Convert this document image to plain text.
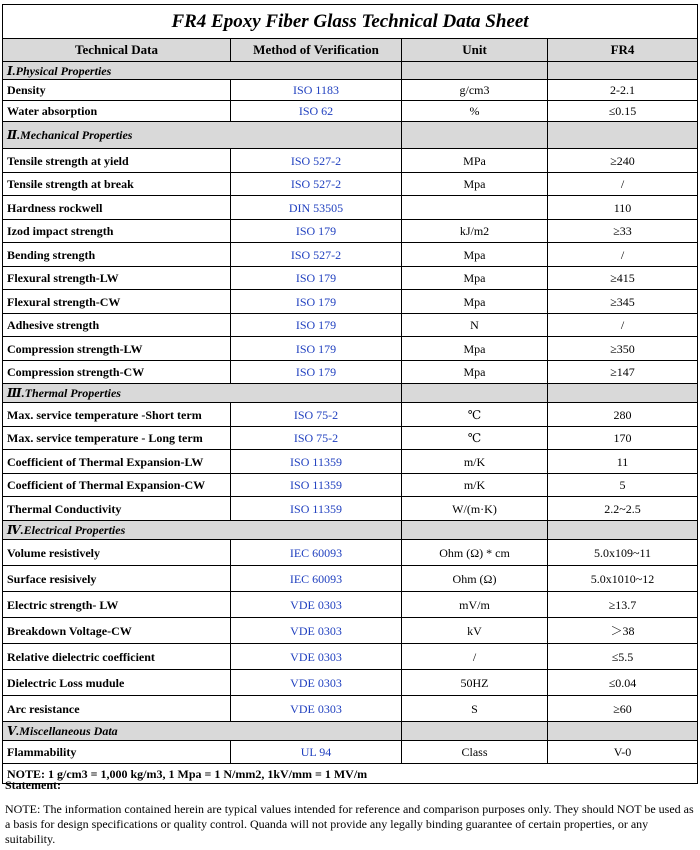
FR4 Epoxy Fiber Glass Technical Data Sheet			
Technical Data	Method of Verification	Unit	FR4
Ⅰ.Physical Properties			
Density	ISO 1183	g/cm3	2-2.1
Water absorption	ISO 62	%	≤0.15
Ⅱ.Mechanical Properties			
Tensile strength at yield	ISO 527-2	MPa	≥240
Tensile strength at break	ISO 527-2	Mpa	/
Hardness rockwell	DIN 53505		110
Izod impact strength	ISO 179	kJ/m2	≥33
Bending strength	ISO 527-2	Mpa	/
Flexural strength-LW	ISO 179	Mpa	≥415
Flexural strength-CW	ISO 179	Mpa	≥345
Adhesive strength	ISO 179	N	/
Compression strength-LW	ISO 179	Mpa	≥350
Compression strength-CW	ISO 179	Mpa	≥147
Ⅲ.Thermal Properties			
Max. service temperature -Short term	ISO 75-2	℃	280
Max. service temperature - Long term	ISO 75-2	℃	170
Coefficient of Thermal Expansion-LW	ISO 11359	m/K	11
Coefficient of Thermal Expansion-CW	ISO 11359	m/K	5
Thermal Conductivity	ISO 11359	W/(m·K)	2.2~2.5
Ⅳ.Electrical Properties			
Volume resistively	IEC 60093	Ohm (Ω) * cm	5.0x109~11
Surface resisively	IEC 60093	Ohm (Ω)	5.0x1010~12
Electric strength- LW	VDE 0303	mV/m	≥13.7
Breakdown Voltage-CW	VDE 0303	kV	＞38
Relative dielectric coefficient	VDE 0303	/	≤5.5
Dielectric Loss mudule	VDE 0303	50HZ	≤0.04
Arc resistance	VDE 0303	S	≥60
Ⅴ.Miscellaneous Data			
Flammability	UL 94	Class	V-0
NOTE: 1 g/cm3 = 1,000 kg/m3, 1 Mpa = 1 N/mm2, 1kV/mm = 1 MV/m			

Statement:

NOTE: The information contained herein are typical values intended for reference and comparison purposes only. They should NOT be used as a basis for design specifications or quality control. Quanda will not provide any legally binding guarantee of certain properties, or any suitability.
